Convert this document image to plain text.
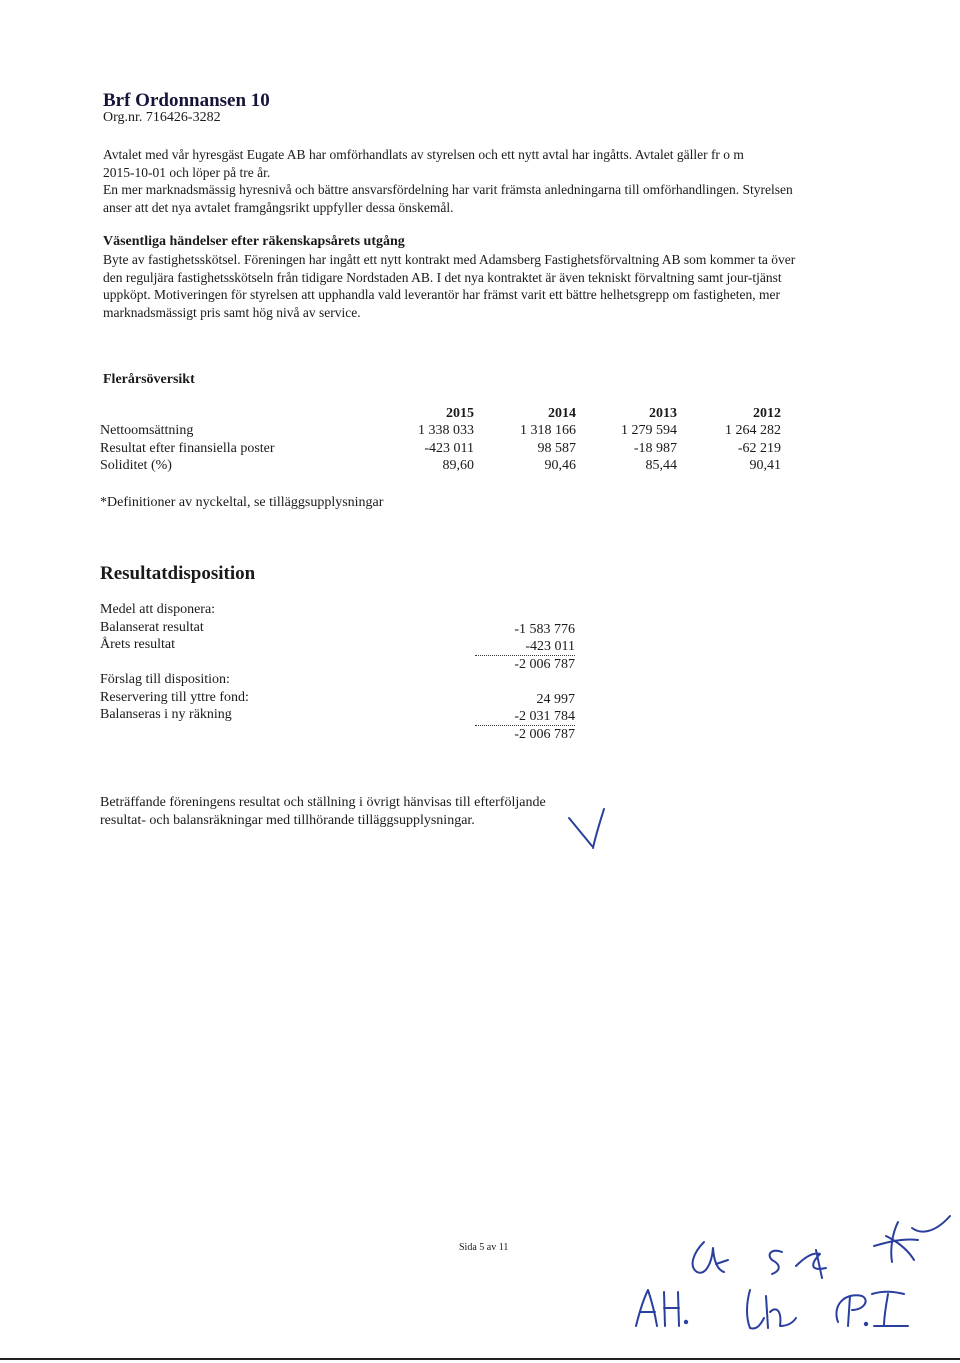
Brf Ordonnansen 10
Org.nr. 716426-3282
Avtalet med vår hyresgäst Eugate AB har omförhandlats av styrelsen och ett nytt avtal har ingåtts. Avtalet gäller fr o m
2015-10-01 och löper på tre år.
En mer marknadsmässig hyresnivå och bättre ansvarsfördelning har varit främsta anledningarna till omförhandlingen. Styrelsen
anser att det nya avtalet framgångsrikt uppfyller dessa önskemål.
Väsentliga händelser efter räkenskapsårets utgång
Byte av fastighetsskötsel. Föreningen har ingått ett nytt kontrakt med Adamsberg Fastighetsförvaltning AB som kommer ta över
den reguljära fastighetsskötseln från tidigare Nordstaden AB. I det nya kontraktet är även tekniskt förvaltning samt jour-tjänst
uppköpt. Motiveringen för styrelsen att upphandla vald leverantör har främst varit ett bättre helhetsgrepp om fastigheten, mer
marknadsmässigt pris samt hög nivå av service.
Flerårsöversikt
	2015	2014	2013	2012
Nettoomsättning	1 338 033	1 318 166	1 279 594	1 264 282
Resultat efter finansiella poster	-423 011	98 587	-18 987	-62 219
Soliditet (%)	89,60	90,46	85,44	90,41
*Definitioner av nyckeltal, se tilläggsupplysningar
Resultatdisposition
Medel att disponera:
Balanserat resultat	-1 583 776
Årets resultat	-423 011
-2 006 787
Förslag till disposition:
Reservering till yttre fond:	24 997
Balanseras i ny räkning	-2 031 784
-2 006 787
Beträffande föreningens resultat och ställning i övrigt hänvisas till efterföljande
resultat- och balansräkningar med tillhörande tilläggsupplysningar.
Sida 5 av 11
